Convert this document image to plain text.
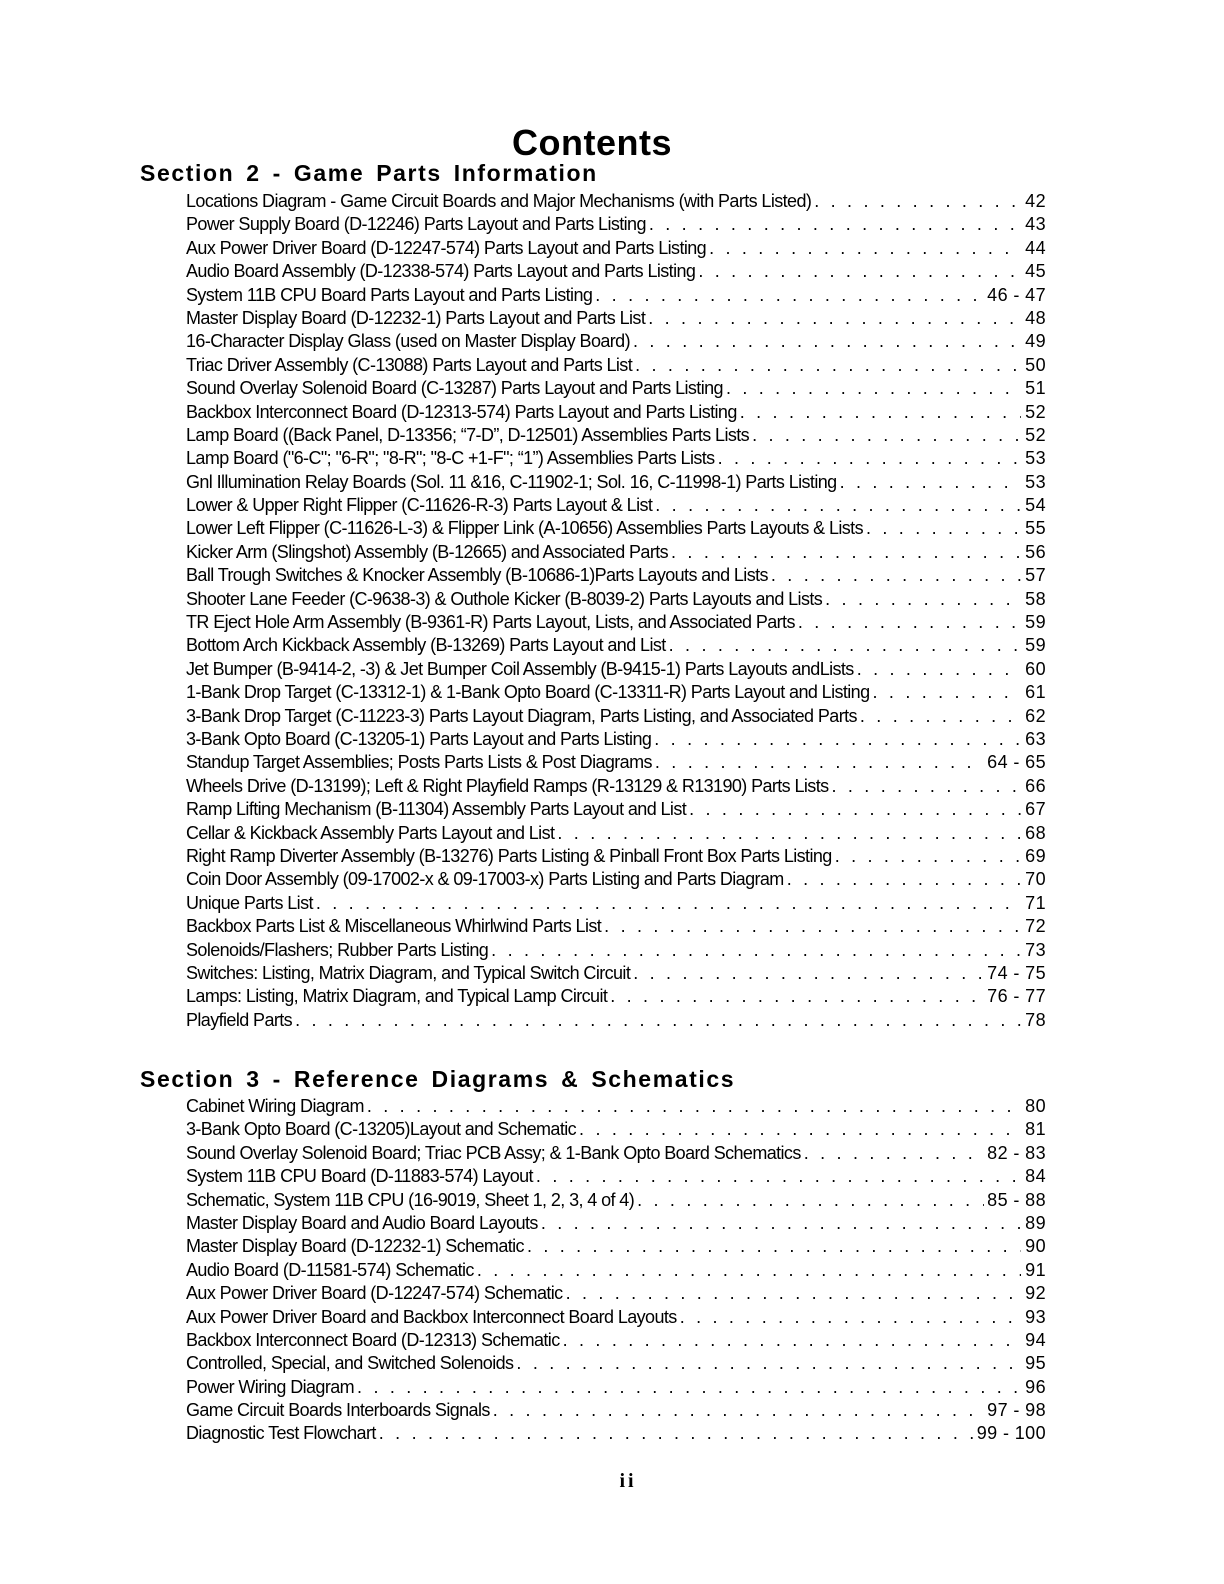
Contents
Section 2 - Game Parts Information
Locations Diagram - Game Circuit Boards and Major Mechanisms (with Parts Listed) . . .	42
Power Supply Board (D-12246) Parts Layout and Parts Listing . . .	43
Aux Power Driver Board (D-12247-574) Parts Layout and Parts Listing . . .	44
Audio Board Assembly (D-12338-574) Parts Layout and Parts Listing . . .	45
System 11B CPU Board Parts Layout and Parts Listing . . .	46 - 47
Master Display Board (D-12232-1) Parts Layout and Parts List . . .	48
16-Character Display Glass (used on Master Display Board) . . .	49
Triac Driver Assembly (C-13088) Parts Layout and Parts List . . .	50
Sound Overlay Solenoid Board (C-13287) Parts Layout and Parts Listing . . .	51
Backbox Interconnect Board (D-12313-574) Parts Layout and Parts Listing . . .	52
Lamp Board ((Back Panel, D-13356; “7-D”, D-12501) Assemblies Parts Lists . . .	52
Lamp Board ("6-C"; "6-R"; "8-R"; "8-C +1-F"; “1”) Assemblies Parts Lists . . .	53
Gnl Illumination Relay Boards (Sol. 11 &16, C-11902-1; Sol. 16, C-11998-1) Parts Listing . . .	53
Lower & Upper Right Flipper (C-11626-R-3) Parts Layout & List . . .	54
Lower Left Flipper (C-11626-L-3) & Flipper Link (A-10656) Assemblies Parts Layouts & Lists . . .	55
Kicker Arm (Slingshot) Assembly (B-12665) and Associated Parts . . .	56
Ball Trough Switches & Knocker Assembly (B-10686-1)Parts Layouts and Lists . . .	57
Shooter Lane Feeder (C-9638-3) & Outhole Kicker (B-8039-2) Parts Layouts and Lists . . .	58
TR Eject Hole Arm Assembly (B-9361-R) Parts Layout, Lists, and Associated Parts . . .	59
Bottom Arch Kickback Assembly (B-13269) Parts Layout and List . . .	59
Jet Bumper (B-9414-2, -3) & Jet Bumper Coil Assembly (B-9415-1) Parts Layouts andLists . . .	60
1-Bank Drop Target (C-13312-1) & 1-Bank Opto Board (C-13311-R) Parts Layout and Listing . . .	61
3-Bank Drop Target (C-11223-3) Parts Layout Diagram, Parts Listing, and Associated Parts . . .	62
3-Bank Opto Board (C-13205-1) Parts Layout and Parts Listing . . .	63
Standup Target Assemblies; Posts Parts Lists & Post Diagrams . . .	64 - 65
Wheels Drive (D-13199); Left & Right Playfield Ramps (R-13129 & R13190) Parts Lists . . .	66
Ramp Lifting Mechanism (B-11304) Assembly Parts Layout and List . . .	67
Cellar & Kickback Assembly Parts Layout and List . . .	68
Right Ramp Diverter Assembly (B-13276) Parts Listing & Pinball Front Box Parts Listing . . .	69
Coin Door Assembly (09-17002-x & 09-17003-x) Parts Listing and Parts Diagram . . .	70
Unique Parts List . . .	71
Backbox Parts List & Miscellaneous Whirlwind Parts List . . .	72
Solenoids/Flashers; Rubber Parts Listing . . .	73
Switches: Listing, Matrix Diagram, and Typical Switch Circuit . . .	74 - 75
Lamps: Listing, Matrix Diagram, and Typical Lamp Circuit . . .	76 - 77
Playfield Parts . . .	78
Section 3 - Reference Diagrams & Schematics
Cabinet Wiring Diagram . . .	80
3-Bank Opto Board (C-13205)Layout and Schematic . . .	81
Sound Overlay Solenoid Board; Triac PCB Assy; & 1-Bank Opto Board Schematics . . .	82 - 83
System 11B CPU Board (D-11883-574) Layout . . .	84
Schematic, System 11B CPU (16-9019, Sheet 1, 2, 3, 4 of 4) . . .	85 - 88
Master Display Board and Audio Board Layouts . . .	89
Master Display Board (D-12232-1) Schematic . . .	90
Audio Board (D-11581-574) Schematic . . .	91
Aux Power Driver Board (D-12247-574) Schematic . . .	92
Aux Power Driver Board and Backbox Interconnect Board Layouts . . .	93
Backbox Interconnect Board (D-12313) Schematic . . .	94
Controlled, Special, and Switched Solenoids . . .	95
Power Wiring Diagram . . .	96
Game Circuit Boards Interboards Signals . . .	97 - 98
Diagnostic Test Flowchart . . .	99 - 100
ii
